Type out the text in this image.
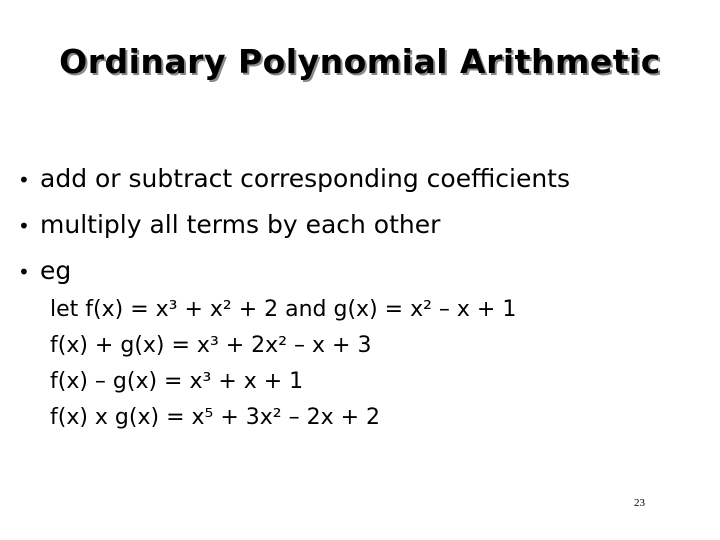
Ordinary Polynomial Arithmetic
• add or subtract corresponding coefficients
• multiply all terms by each other
• eg
let f(x) = x³ + x² + 2 and g(x) = x² – x + 1
f(x) + g(x) = x³ + 2x² – x + 3
f(x) – g(x) = x³ + x + 1
f(x) x g(x) = x⁵ + 3x² – 2x + 2
23
